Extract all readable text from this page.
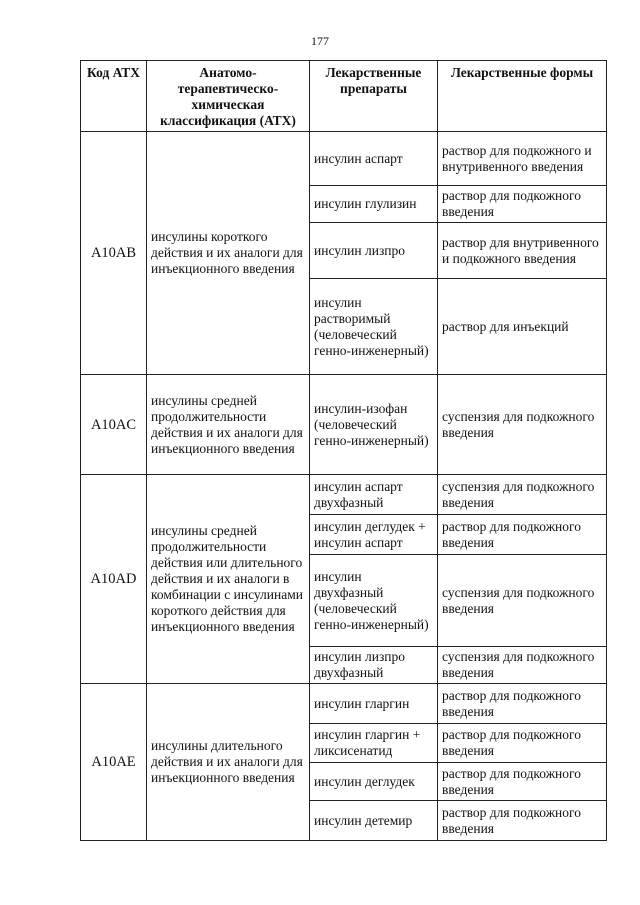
177
Код АТХ	Анатомо-терапевтическо-химическая классификация (АТХ)	Лекарственные препараты	Лекарственные формы
A10AB	инсулины короткого действия и их аналоги для инъекционного введения	инсулин аспарт	раствор для подкожного и внутривенного введения
		инсулин глулизин	раствор для подкожного введения
		инсулин лизпро	раствор для внутривенного и подкожного введения
		инсулин растворимый (человеческий генно-инженерный)	раствор для инъекций
A10AC	инсулины средней продолжительности действия и их аналоги для инъекционного введения	инсулин-изофан (человеческий генно-инженерный)	суспензия для подкожного введения
A10AD	инсулины средней продолжительности действия или длительного действия и их аналоги в комбинации с инсулинами короткого действия для инъекционного введения	инсулин аспарт двухфазный	суспензия для подкожного введения
		инсулин деглудек + инсулин аспарт	раствор для подкожного введения
		инсулин двухфазный (человеческий генно-инженерный)	суспензия для подкожного введения
		инсулин лизпро двухфазный	суспензия для подкожного введения
A10AE	инсулины длительного действия и их аналоги для инъекционного введения	инсулин гларгин	раствор для подкожного введения
		инсулин гларгин + ликсисенатид	раствор для подкожного введения
		инсулин деглудек	раствор для подкожного введения
		инсулин детемир	раствор для подкожного введения
